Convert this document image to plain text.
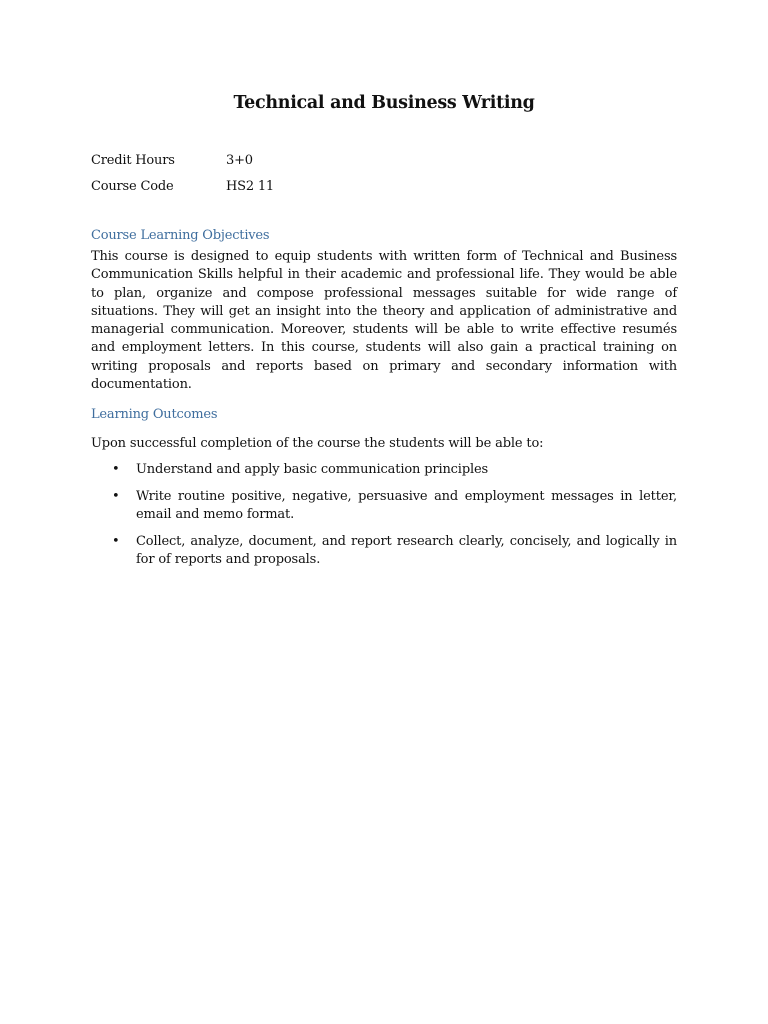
Technical and Business Writing
Credit Hours	3+0
Course Code	HS2 11
Course Learning Objectives
This course is designed to equip students with written form of Technical and Business Communication Skills helpful in their academic and professional life. They would be able to plan, organize and compose professional messages suitable for wide range of situations. They will get an insight into the theory and application of administrative and managerial communication. Moreover, students will be able to write effective resumés and employment letters. In this course, students will also gain a practical training on writing proposals and reports based on primary and secondary information with documentation.
Learning Outcomes
Upon successful completion of the course the students will be able to:
• Understand and apply basic communication principles
• Write routine positive, negative, persuasive and employment messages in letter, email and memo format.
• Collect, analyze, document, and report research clearly, concisely, and logically in for of reports and proposals.
